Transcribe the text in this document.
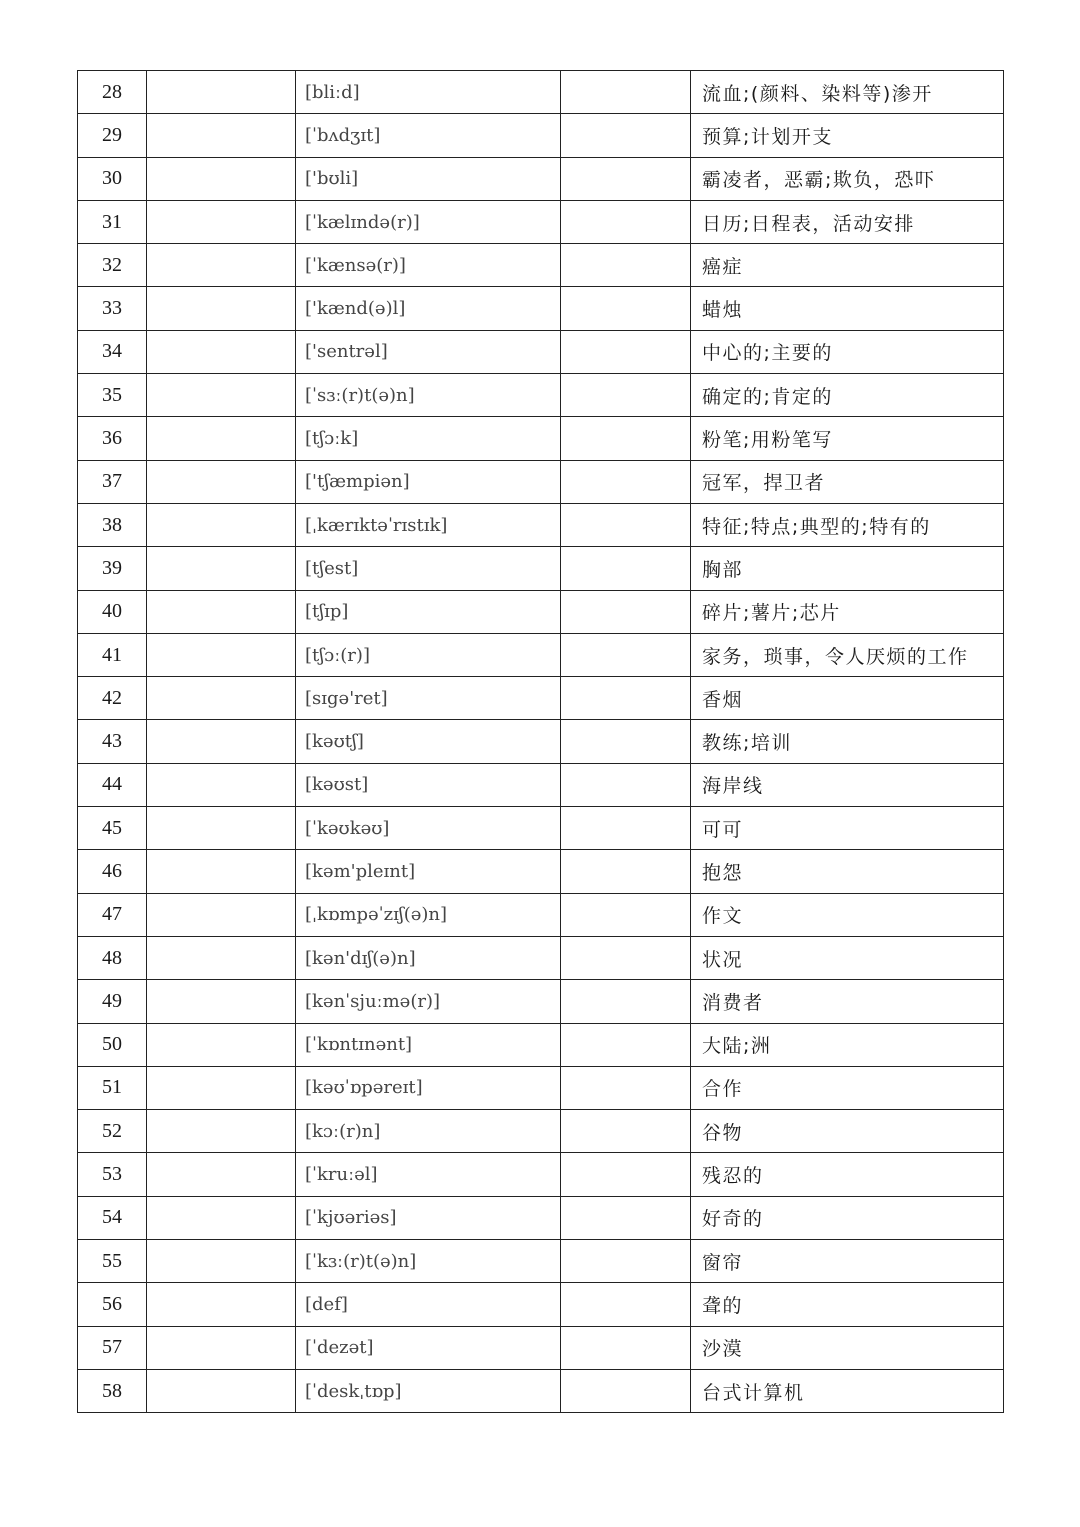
28		[bliːd]		流血;(颜料、染料等)渗开
29		[ˈbʌdʒɪt]		预算;计划开支
30		['bʊli]		霸凌者，恶霸;欺负，恐吓
31		[ˈkælɪndə(r)]		日历;日程表，活动安排
32		[ˈkænsə(r)]		癌症
33		['kænd(ə)l]		蜡烛
34		['sentrəl]		中心的;主要的
35		[ˈsɜː(r)t(ə)n]		确定的;肯定的
36		[tʃɔːk]		粉笔;用粉笔写
37		['tʃæmpiən]		冠军，捍卫者
38		[ˌkærɪktəˈrɪstɪk]		特征;特点;典型的;特有的
39		[tʃest]		胸部
40		[tʃɪp]		碎片;薯片;芯片
41		[tʃɔː(r)]		家务，琐事，令人厌烦的工作
42		[sɪgə'ret]		香烟
43		[kəʊtʃ]		教练;培训
44		[kəʊst]		海岸线
45		[ˈkəʊkəʊ]		可可
46		[kəm'pleɪnt]		抱怨
47		[ˌkɒmpəˈzɪʃ(ə)n]		作文
48		[kən'dɪʃ(ə)n]		状况
49		[kənˈsjuːmə(r)]		消费者
50		[ˈkɒntɪnənt]		大陆;洲
51		[kəʊˈɒpəreɪt]		合作
52		[kɔː(r)n]		谷物
53		[ˈkruːəl]		残忍的
54		[ˈkjʊəriəs]		好奇的
55		[ˈkɜː(r)t(ə)n]		窗帘
56		[def]		聋的
57		[ˈdezət]		沙漠
58		[ˈdeskˌtɒp]		台式计算机
